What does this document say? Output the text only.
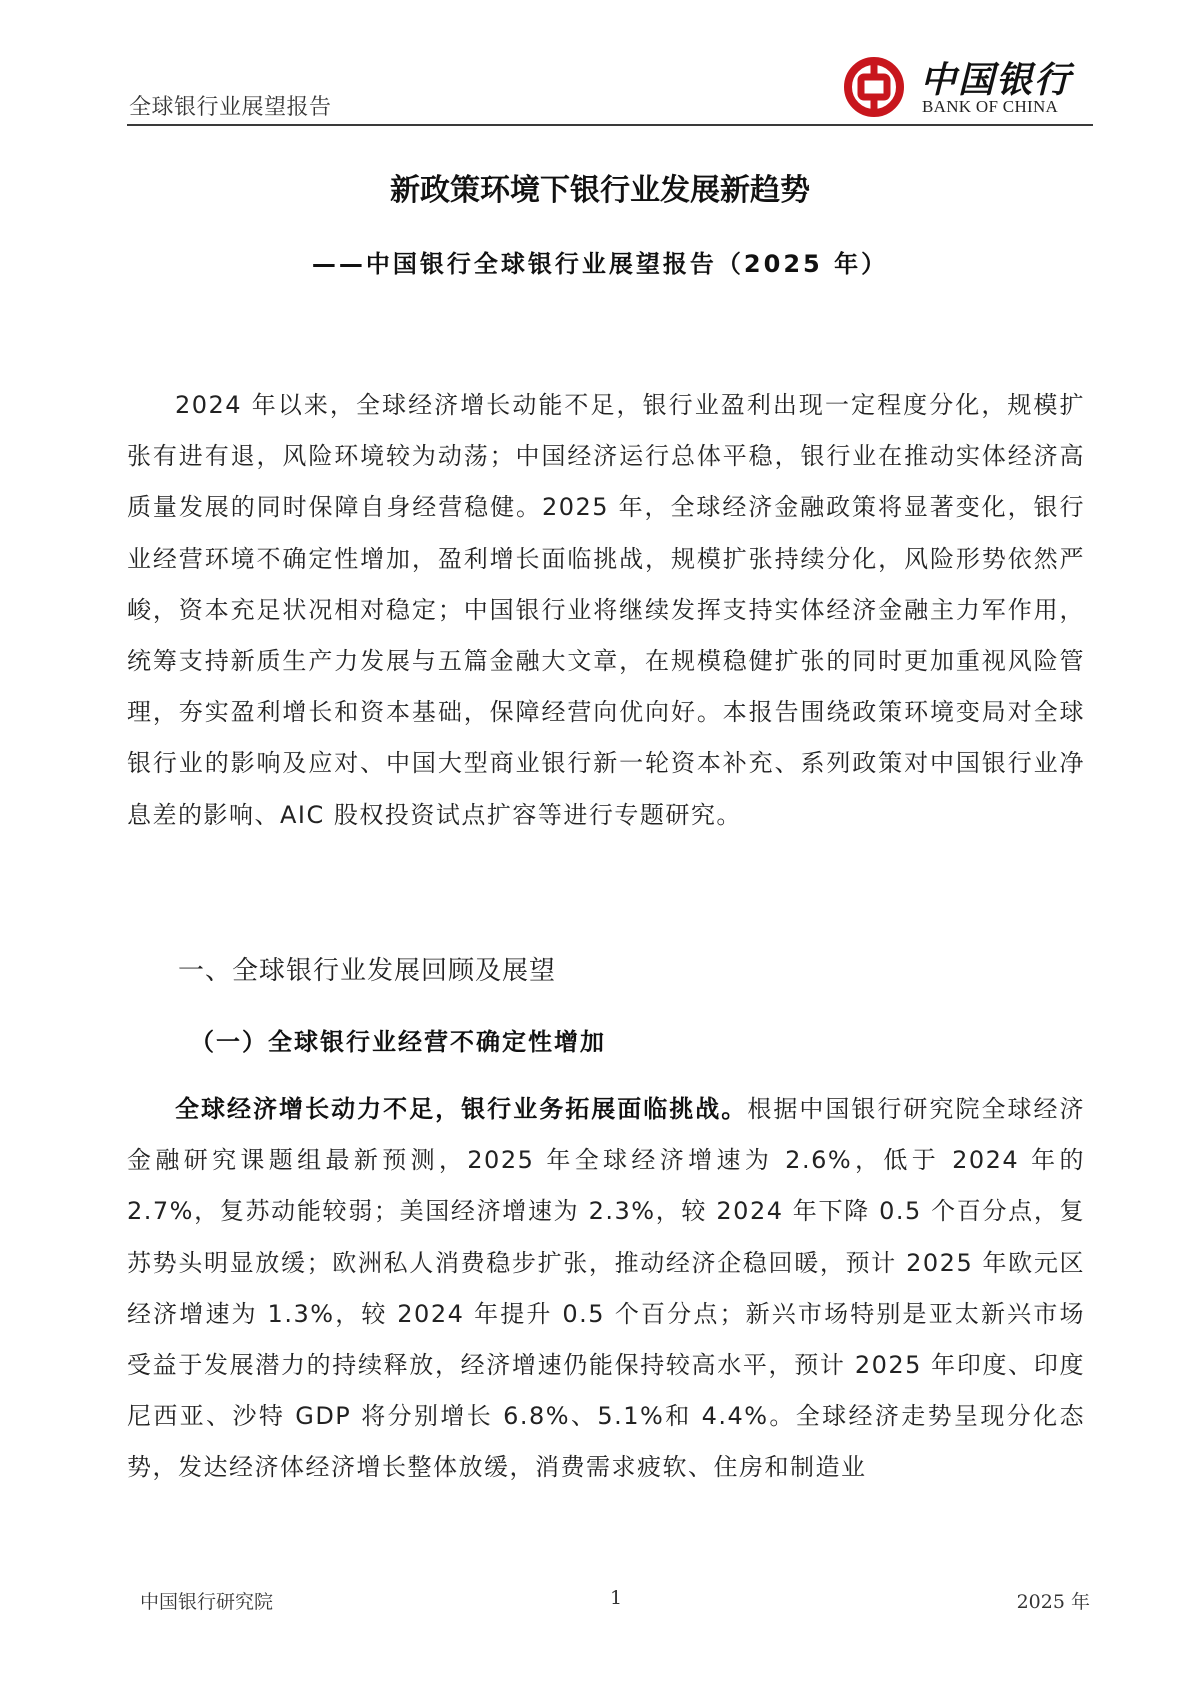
全球银行业展望报告
中国银行
BANK OF CHINA
新政策环境下银行业发展新趋势
——中国银行全球银行业展望报告（2025 年）

2024 年以来，全球经济增长动能不足，银行业盈利出现一定程度分化，规模扩张有进有退，风险环境较为动荡；中国经济运行总体平稳，银行业在推动实体经济高质量发展的同时保障自身经营稳健。2025 年，全球经济金融政策将显著变化，银行业经营环境不确定性增加，盈利增长面临挑战，规模扩张持续分化，风险形势依然严峻，资本充足状况相对稳定；中国银行业将继续发挥支持实体经济金融主力军作用，统筹支持新质生产力发展与五篇金融大文章，在规模稳健扩张的同时更加重视风险管理，夯实盈利增长和资本基础，保障经营向优向好。本报告围绕政策环境变局对全球银行业的影响及应对、中国大型商业银行新一轮资本补充、系列政策对中国银行业净息差的影响、AIC 股权投资试点扩容等进行专题研究。

一、全球银行业发展回顾及展望
（一）全球银行业经营不确定性增加

全球经济增长动力不足，银行业务拓展面临挑战。根据中国银行研究院全球经济金融研究课题组最新预测，2025 年全球经济增速为 2.6%，低于 2024 年的 2.7%，复苏动能较弱；美国经济增速为 2.3%，较 2024 年下降 0.5 个百分点，复苏势头明显放缓；欧洲私人消费稳步扩张，推动经济企稳回暖，预计 2025 年欧元区经济增速为 1.3%，较 2024 年提升 0.5 个百分点；新兴市场特别是亚太新兴市场受益于发展潜力的持续释放，经济增速仍能保持较高水平，预计 2025 年印度、印度尼西亚、沙特 GDP 将分别增长 6.8%、5.1%和 4.4%。全球经济走势呈现分化态势，发达经济体经济增长整体放缓，消费需求疲软、住房和制造业

中国银行研究院	1	2025 年
